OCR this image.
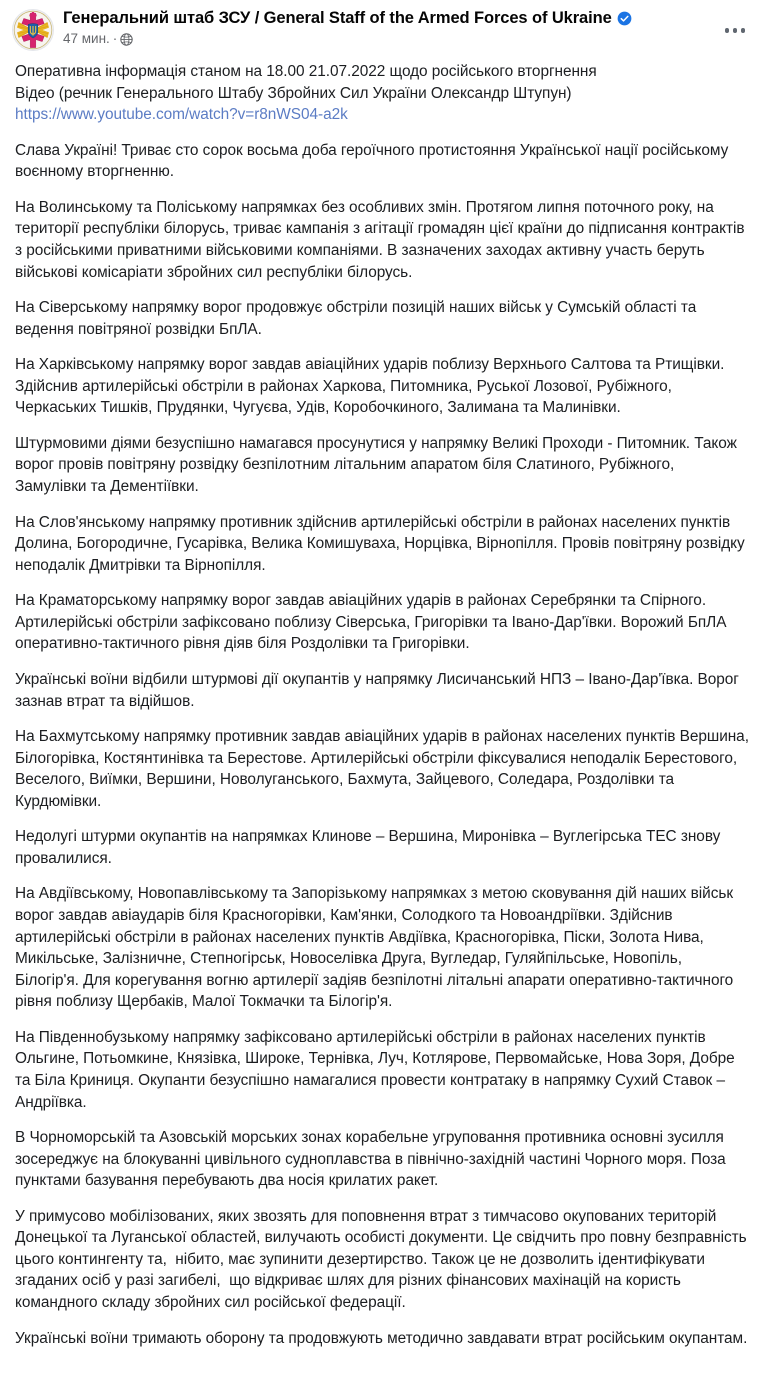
Генеральний штаб ЗСУ / General Staff of the Armed Forces of Ukraine
47 мин. ·

Оперативна інформація станом на 18.00 21.07.2022 щодо російського вторгнення
Відео (речник Генерального Штабу Збройних Сил України Олександр Штупун)
https://www.youtube.com/watch?v=r8nWS04-a2k

Слава Україні! Триває сто сорок восьма доба героїчного протистояння Української нації російському воєнному вторгненню.

На Волинському та Поліському напрямках без особливих змін. Протягом липня поточного року, на території республіки білорусь, триває кампанія з агітації громадян цієї країни до підписання контрактів з російськими приватними військовими компаніями. В зазначених заходах активну участь беруть військові комісаріати збройних сил республіки білорусь.

На Сіверському напрямку ворог продовжує обстріли позицій наших військ у Сумській області та ведення повітряної розвідки БпЛА.

На Харківському напрямку ворог завдав авіаційних ударів поблизу Верхнього Салтова та Ртищівки. Здійснив артилерійські обстріли в районах Харкова, Питомника, Руської Лозової, Рубіжного, Черкаських Тишків, Прудянки, Чугуєва, Удів, Коробочкиного, Залимана та Малинівки.

Штурмовими діями безуспішно намагався просунутися у напрямку Великі Проходи - Питомник. Також ворог провів повітряну розвідку безпілотним літальним апаратом біля Слатиного, Рубіжного, Замулівки та Дементіївки.

На Слов'янському напрямку противник здійснив артилерійські обстріли в районах населених пунктів Долина, Богородичне, Гусарівка, Велика Комишуваха, Норцівка, Вірнопілля. Провів повітряну розвідку неподалік Дмитрівки та Вірнопілля.

На Краматорському напрямку ворог завдав авіаційних ударів в районах Серебрянки та Спірного. Артилерійські обстріли зафіксовано поблизу Сіверська, Григорівки та Івано-Дар'ївки. Ворожий БпЛА оперативно-тактичного рівня діяв біля Роздолівки та Григорівки.

Українські воїни відбили штурмові дії окупантів у напрямку Лисичанський НПЗ – Івано-Дар'ївка. Ворог зазнав втрат та відійшов.

На Бахмутському напрямку противник завдав авіаційних ударів в районах населених пунктів Вершина, Білогорівка, Костянтинівка та Берестове. Артилерійські обстріли фіксувалися неподалік Берестового, Веселого, Виїмки, Вершини, Новолуганського, Бахмута, Зайцевого, Соледара, Роздолівки та Курдюмівки.

Недолугі штурми окупантів на напрямках Клинове – Вершина, Миронівка – Вуглегірська ТЕС знову провалилися.

На Авдіївському, Новопавлівському та Запорізькому напрямках з метою сковування дій наших військ ворог завдав авіаударів біля Красногорівки, Кам'янки, Солодкого та Новоандріївки. Здійснив артилерійські обстріли в районах населених пунктів Авдіївка, Красногорівка, Піски, Золота Нива, Микільське, Залізничне, Степногірськ, Новоселівка Друга, Вугледар, Гуляйпільське, Новопіль, Білогір'я. Для корегування вогню артилерії задіяв безпілотні літальні апарати оперативно-тактичного рівня поблизу Щербаків, Малої Токмачки та Білогір'я.

На Південнобузькому напрямку зафіксовано артилерійські обстріли в районах населених пунктів Ольгине, Потьомкине, Князівка, Широке, Тернівка, Луч, Котлярове, Первомайське, Нова Зоря, Добре та Біла Криниця. Окупанти безуспішно намагалися провести контратаку в напрямку Сухий Ставок – Андріївка.

В Чорноморській та Азовській морських зонах корабельне угруповання противника основні зусилля зосереджує на блокуванні цивільного судноплавства в північно-західній частині Чорного моря. Поза пунктами базування перебувають два носія крилатих ракет.

У примусово мобілізованих, яких звозять для поповнення втрат з тимчасово окупованих територій Донецької та Луганської областей, вилучають особисті документи. Це свідчить про повну безправність цього контингенту та,  нібито, має зупинити дезертирство. Також це не дозволить ідентифікувати згаданих осіб у разі загибелі,  що відкриває шлях для різних фінансових махінацій на користь командного складу збройних сил російської федерації.

Українські воїни тримають оборону та продовжують методично завдавати втрат російським окупантам.
